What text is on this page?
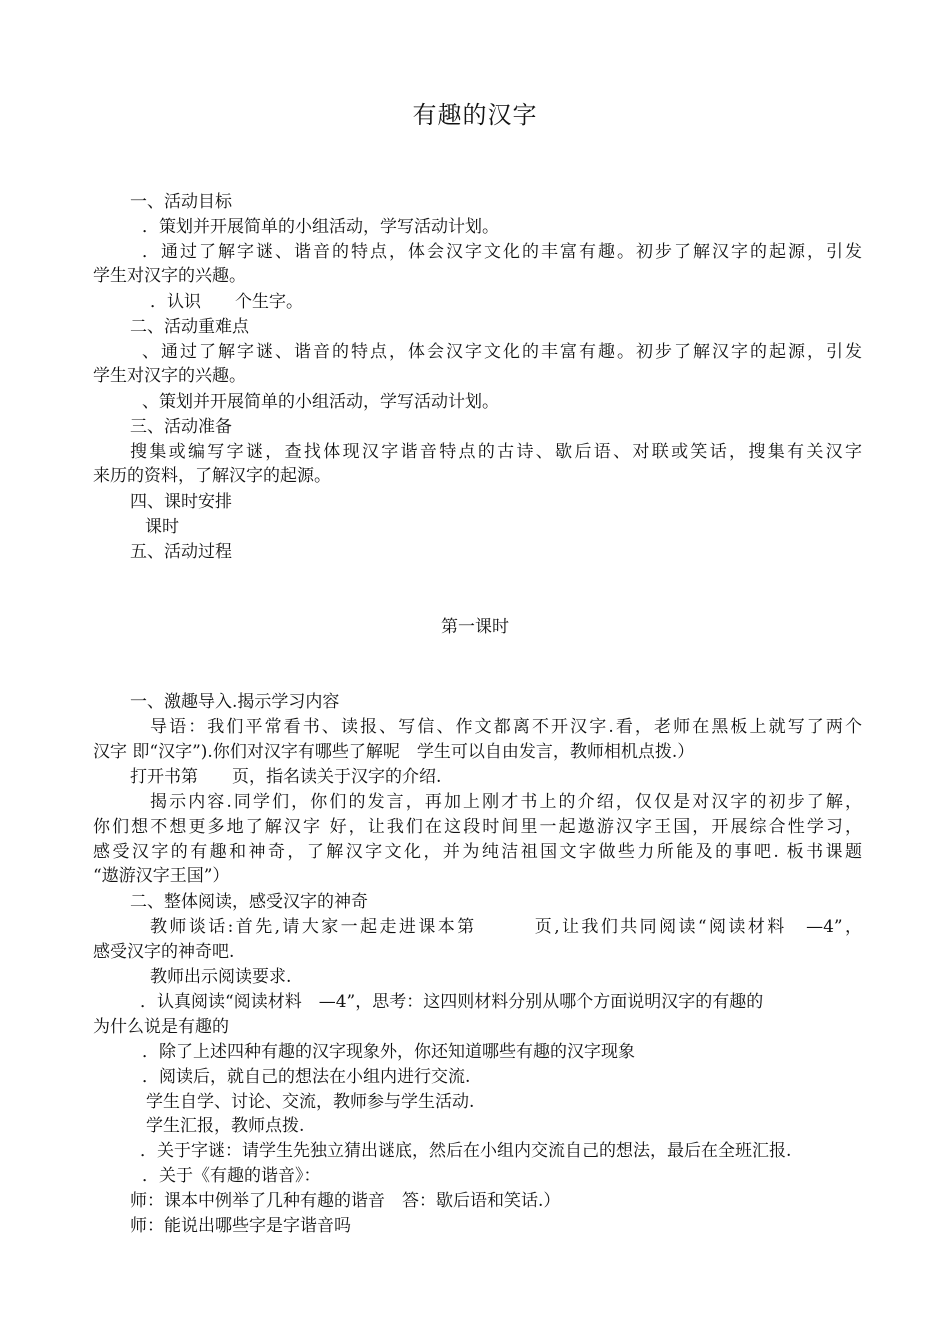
有趣的汉字
一、活动目标
．策划并开展简单的小组活动，学写活动计划。
．通过了解字谜、谐音的特点，体会汉字文化的丰富有趣。初步了解汉字的起源，引发
学生对汉字的兴趣。
．认识　　个生字。
二、活动重难点
、通过了解字谜、谐音的特点，体会汉字文化的丰富有趣。初步了解汉字的起源，引发
学生对汉字的兴趣。
、策划并开展简单的小组活动，学写活动计划。
三、活动准备
搜集或编写字谜，查找体现汉字谐音特点的古诗、歇后语、对联或笑话，搜集有关汉字
来历的资料，了解汉字的起源。
四、课时安排
课时
五、活动过程
第一课时
一、激趣导入.揭示学习内容
导语：我们平常看书、读报、写信、作文都离不开汉字.看，老师在黑板上就写了两个
汉字 即“汉字”).你们对汉字有哪些了解呢　学生可以自由发言，教师相机点拨.）
打开书第　　页，指名读关于汉字的介绍.
揭示内容.同学们，你们的发言，再加上刚才书上的介绍，仅仅是对汉字的初步了解，
你们想不想更多地了解汉字 好，让我们在这段时间里一起遨游汉字王国，开展综合性学习，
感受汉字的有趣和神奇，了解汉字文化，并为纯洁祖国文字做些力所能及的事吧. 板书课题
“遨游汉字王国”）
二、整体阅读，感受汉字的神奇
教师谈话:首先,请大家一起走进课本第　　　页,让我们共同阅读“阅读材料　—4”，
感受汉字的神奇吧.
教师出示阅读要求.
．认真阅读“阅读材料　—4”，思考：这四则材料分别从哪个方面说明汉字的有趣的
为什么说是有趣的
．除了上述四种有趣的汉字现象外，你还知道哪些有趣的汉字现象
．阅读后，就自己的想法在小组内进行交流.
学生自学、讨论、交流，教师参与学生活动.
学生汇报，教师点拨.
．关于字谜：请学生先独立猜出谜底，然后在小组内交流自己的想法，最后在全班汇报.
．关于《有趣的谐音》：
师：课本中例举了几种有趣的谐音　答：歇后语和笑话.）
师：能说出哪些字是字谐音吗
